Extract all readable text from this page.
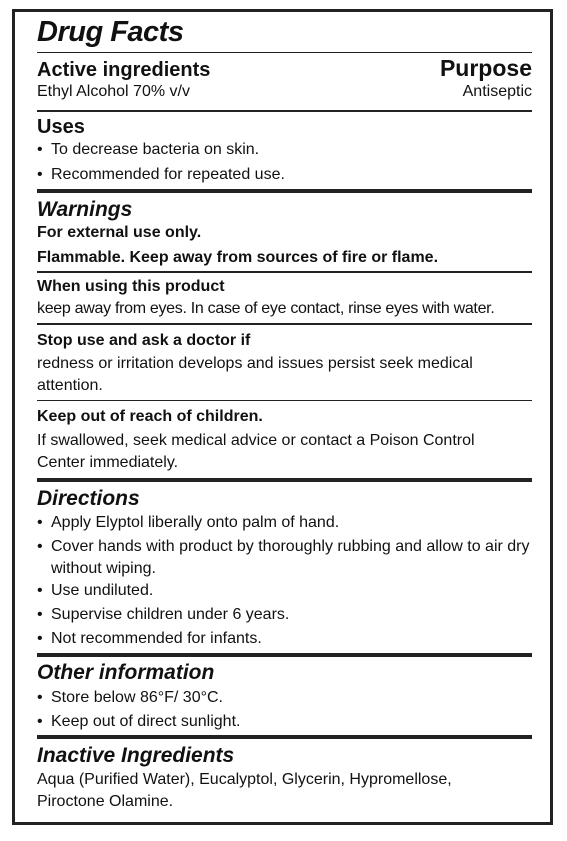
Drug Facts
Active ingredients	Purpose
Ethyl Alcohol 70% v/v	Antiseptic
Uses
• To decrease bacteria on skin.
• Recommended for repeated use.
Warnings
For external use only.
Flammable. Keep away from sources of fire or flame.
When using this product
keep away from eyes. In case of eye contact, rinse eyes with water.
Stop use and ask a doctor if
redness or irritation develops and issues persist seek medical attention.
Keep out of reach of children.
If swallowed, seek medical advice or contact a Poison Control Center immediately.
Directions
• Apply Elyptol liberally onto palm of hand.
• Cover hands with product by thoroughly rubbing and allow to air dry without wiping.
• Use undiluted.
• Supervise children under 6 years.
• Not recommended for infants.
Other information
• Store below 86°F/ 30°C.
• Keep out of direct sunlight.
Inactive Ingredients
Aqua (Purified Water), Eucalyptol, Glycerin, Hypromellose, Piroctone Olamine.
